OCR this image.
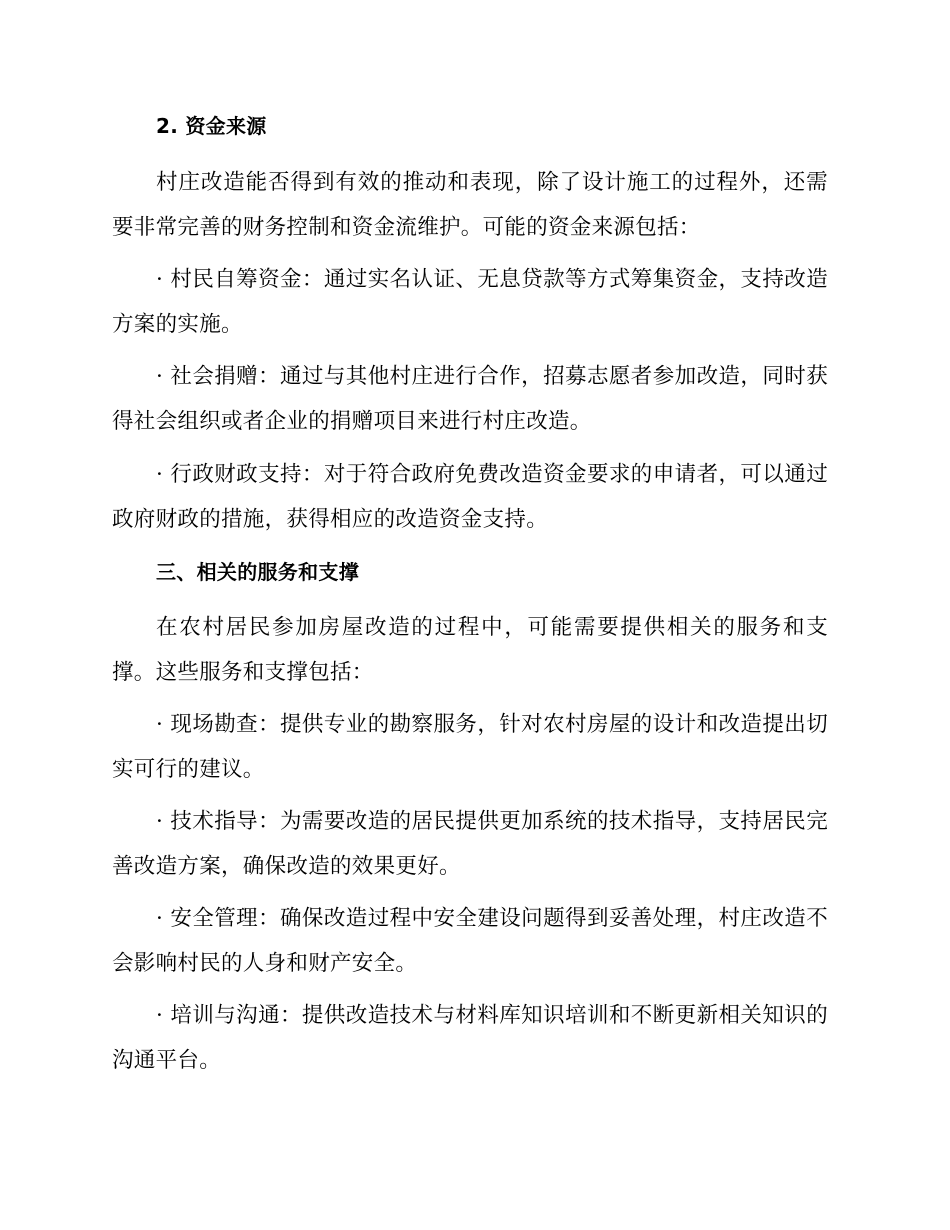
2. 资金来源

村庄改造能否得到有效的推动和表现，除了设计施工的过程外，还需要非常完善的财务控制和资金流维护。可能的资金来源包括：

· 村民自筹资金：通过实名认证、无息贷款等方式筹集资金，支持改造方案的实施。

· 社会捐赠：通过与其他村庄进行合作，招募志愿者参加改造，同时获得社会组织或者企业的捐赠项目来进行村庄改造。

· 行政财政支持：对于符合政府免费改造资金要求的申请者，可以通过政府财政的措施，获得相应的改造资金支持。

三、相关的服务和支撑

在农村居民参加房屋改造的过程中，可能需要提供相关的服务和支撑。这些服务和支撑包括：

· 现场勘查：提供专业的勘察服务，针对农村房屋的设计和改造提出切实可行的建议。

· 技术指导：为需要改造的居民提供更加系统的技术指导，支持居民完善改造方案，确保改造的效果更好。

· 安全管理：确保改造过程中安全建设问题得到妥善处理，村庄改造不会影响村民的人身和财产安全。

· 培训与沟通：提供改造技术与材料库知识培训和不断更新相关知识的沟通平台。
